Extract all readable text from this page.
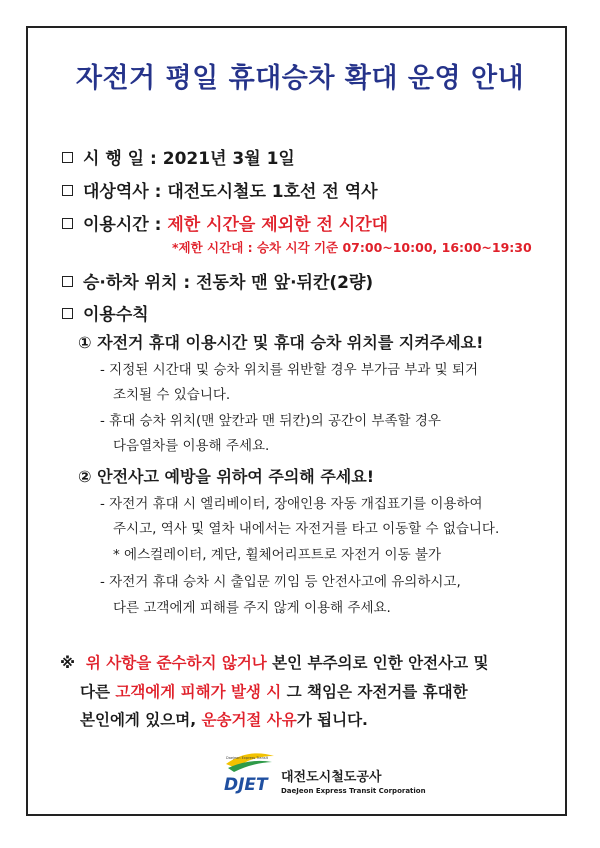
자전거 평일 휴대승차 확대 운영 안내
시 행 일 : 2021년 3월 1일
대상역사 : 대전도시철도 1호선 전 역사
이용시간 : 제한 시간을 제외한 전 시간대
*제한 시간대 : 승차 시각 기준 07:00~10:00, 16:00~19:30
승·하차 위치 : 전동차 맨 앞·뒤칸(2량)
이용수칙
① 자전거 휴대 이용시간 및 휴대 승차 위치를 지켜주세요!
- 지정된 시간대 및 승차 위치를 위반할 경우 부가금 부과 및 퇴거
조치될 수 있습니다.
- 휴대 승차 위치(맨 앞칸과 맨 뒤칸)의 공간이 부족할 경우
다음열차를 이용해 주세요.
② 안전사고 예방을 위하여 주의해 주세요!
- 자전거 휴대 시 엘리베이터, 장애인용 자동 개집표기를 이용하여
주시고, 역사 및 열차 내에서는 자전거를 타고 이동할 수 없습니다.
* 에스컬레이터, 계단, 휠체어리프트로 자전거 이동 불가
- 자전거 휴대 승차 시 출입문 끼임 등 안전사고에 유의하시고,
다른 고객에게 피해를 주지 않게 이용해 주세요.
※ 위 사항을 준수하지 않거나 본인 부주의로 인한 안전사고 및
다른 고객에게 피해가 발생 시 그 책임은 자전거를 휴대한
본인에게 있으며, 운송거절 사유가 됩니다.
DJET
Daejeon Express Transit
대전도시철도공사
DaeJeon Express Transit Corporation
